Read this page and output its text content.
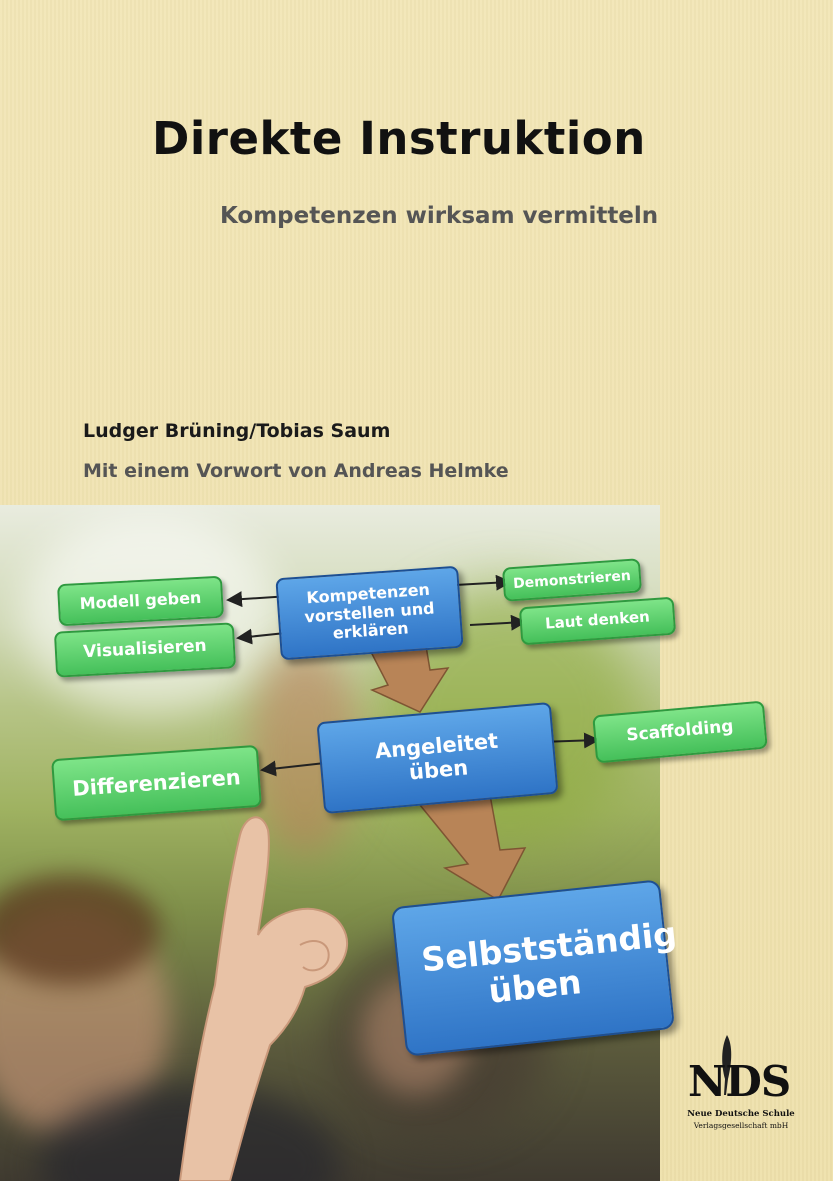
Direkte Instruktion
Kompetenzen wirksam vermitteln
Ludger Brüning/Tobias Saum
Mit einem Vorwort von Andreas Helmke
Modell geben
Visualisieren
Kompetenzen vorstellen und erklären
Demonstrieren
Laut denken
Angeleitet üben
Scaffolding
Differenzieren
Selbstständig üben
NDS
Neue Deutsche Schule
Verlagsgesellschaft mbH
